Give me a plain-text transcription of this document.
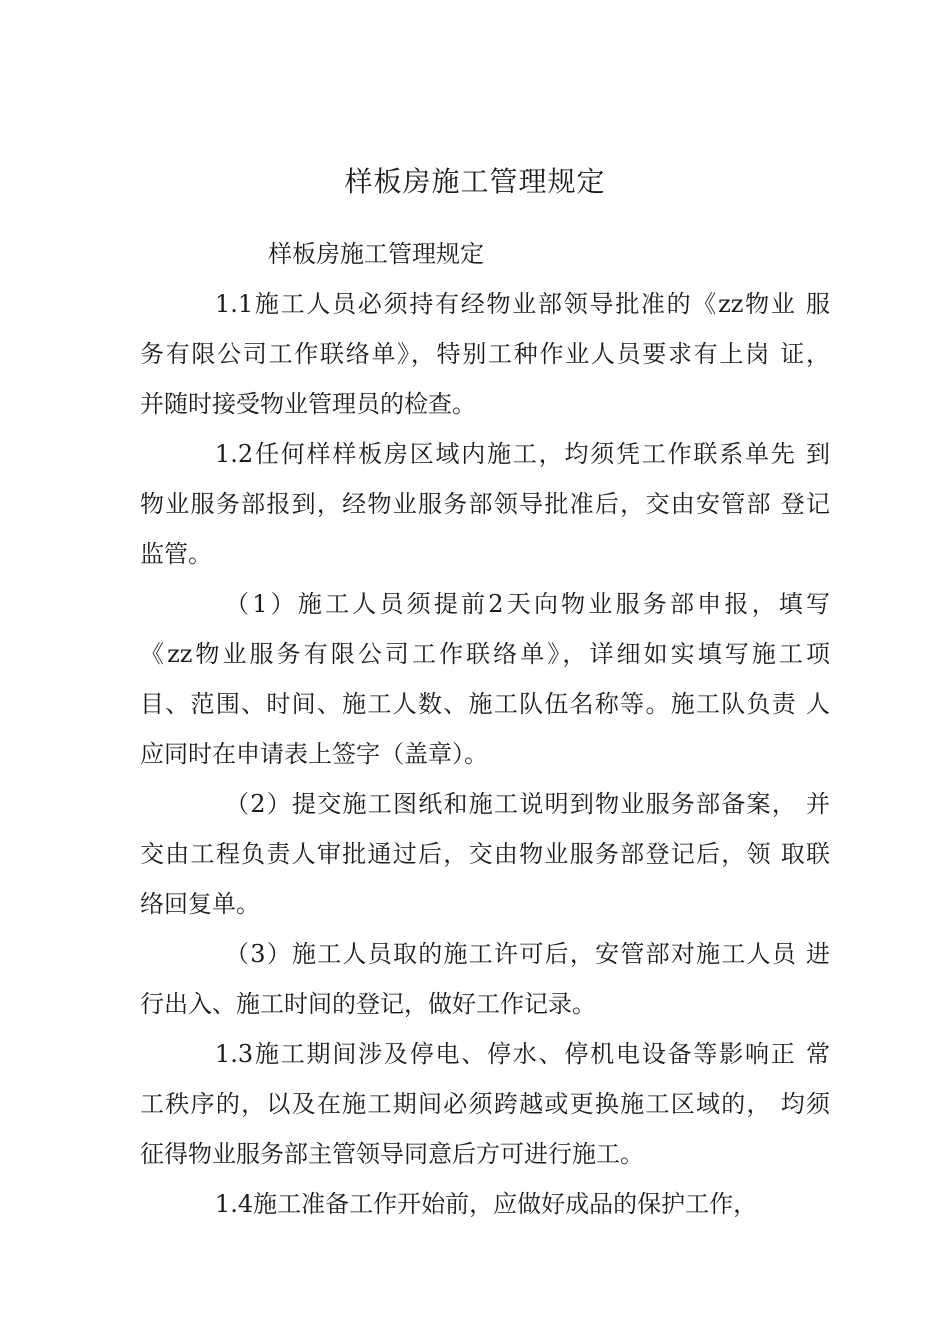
样板房施工管理规定
样板房施工管理规定
1.1施工人员必须持有经物业部领导批准的《zz物业 服
务有限公司工作联络单》，特别工种作业人员要求有上岗 证，
并随时接受物业管理员的检查。
1.2任何样样板房区域内施工，均须凭工作联系单先 到
物业服务部报到，经物业服务部领导批准后，交由安管部 登记
监管。
（1）施工人员须提前2天向物业服务部申报，填写
《zz物业服务有限公司工作联络单》，详细如实填写施工项
目、范围、时间、施工人数、施工队伍名称等。施工队负责 人
应同时在申请表上签字（盖章）。
（2）提交施工图纸和施工说明到物业服务部备案， 并
交由工程负责人审批通过后，交由物业服务部登记后，领 取联
络回复单。
（3）施工人员取的施工许可后，安管部对施工人员 进
行出入、施工时间的登记，做好工作记录。
1.3施工期间涉及停电、停水、停机电设备等影响正 常
工秩序的，以及在施工期间必须跨越或更换施工区域的， 均须
征得物业服务部主管领导同意后方可进行施工。
1.4施工准备工作开始前，应做好成品的保护工作，
